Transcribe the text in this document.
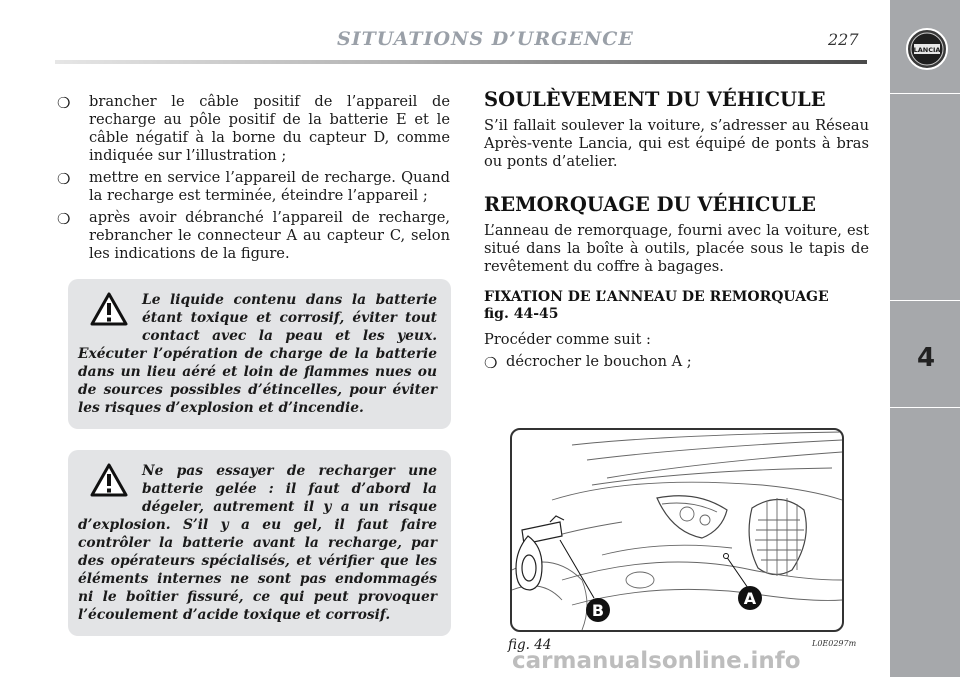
SITUATIONS D’URGENCE	227
LANCIA
4
❍ brancher le câble positif de l’appareil de recharge au pôle positif de la batterie E et le câble négatif à la borne du capteur D, comme indiquée sur l’illustration ;
❍ mettre en service l’appareil de recharge. Quand la recharge est terminée, éteindre l’appareil ;
❍ après avoir débranché l’appareil de recharge, rebrancher le connecteur A au capteur C, selon les indications de la figure.

Le liquide contenu dans la batterie étant toxique et corrosif, éviter tout contact avec la peau et les yeux. Exécuter l’opération de charge de la batterie dans un lieu aéré et loin de flammes nues ou de sources possibles d’étincelles, pour éviter les risques d’explosion et d’incendie.

Ne pas essayer de recharger une batterie gelée : il faut d’abord la dégeler, autrement il y a un risque d’explosion. S’il y a eu gel, il faut faire contrôler la batterie avant la recharge, par des opérateurs spécialisés, et vérifier que les éléments internes ne sont pas endommagés ni le boîtier fissuré, ce qui peut provoquer l’écoulement d’acide toxique et corrosif.

SOULÈVEMENT DU VÉHICULE

S’il fallait soulever la voiture, s’adresser au Réseau Après-vente Lancia, qui est équipé de ponts à bras ou ponts d’atelier.

REMORQUAGE DU VÉHICULE

L’anneau de remorquage, fourni avec la voiture, est situé dans la boîte à outils, placée sous le tapis de revêtement du coffre à bagages.

FIXATION DE L’ANNEAU DE REMORQUAGE
fig. 44-45

Procéder comme suit :

❍ décrocher le bouchon A ;
A
B
fig. 44	L0E0297m
carmanualsonline.info
